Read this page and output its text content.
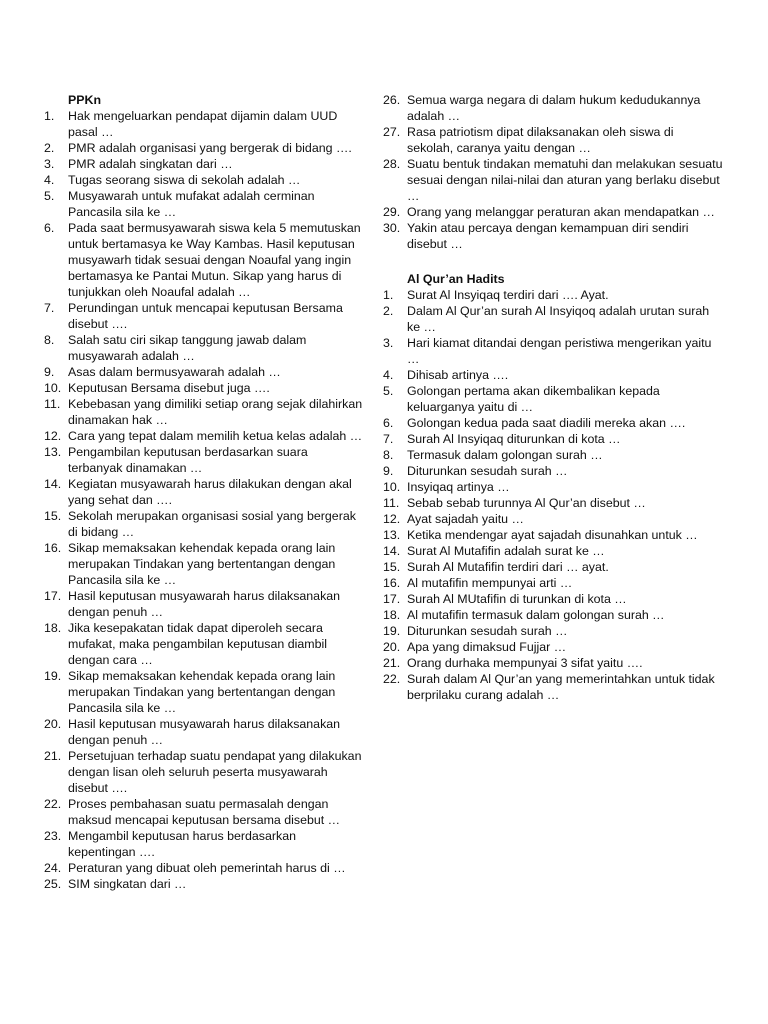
PPKn
1. Hak mengeluarkan pendapat dijamin dalam UUD pasal …
2. PMR adalah organisasi yang bergerak di bidang ….
3. PMR adalah singkatan dari …
4. Tugas seorang siswa di sekolah adalah …
5. Musyawarah untuk mufakat adalah cerminan Pancasila sila ke …
6. Pada saat bermusyawarah siswa kela 5 memutuskan untuk bertamasya ke Way Kambas. Hasil keputusan musyawarh tidak sesuai dengan Noaufal yang ingin bertamasya ke Pantai Mutun. Sikap yang harus di tunjukkan oleh Noaufal adalah …
7. Perundingan untuk mencapai keputusan Bersama disebut ….
8. Salah satu ciri sikap tanggung jawab dalam musyawarah adalah …
9. Asas dalam bermusyawarah adalah …
10. Keputusan Bersama disebut juga ….
11. Kebebasan yang dimiliki setiap orang sejak dilahirkan dinamakan hak …
12. Cara yang tepat dalam memilih ketua kelas adalah …
13. Pengambilan keputusan berdasarkan suara terbanyak dinamakan …
14. Kegiatan musyawarah harus dilakukan dengan akal yang sehat dan ….
15. Sekolah merupakan organisasi sosial yang bergerak di bidang …
16. Sikap memaksakan kehendak kepada orang lain merupakan Tindakan yang bertentangan dengan Pancasila sila ke …
17. Hasil keputusan musyawarah harus dilaksanakan dengan penuh …
18. Jika kesepakatan tidak dapat diperoleh secara mufakat, maka pengambilan keputusan diambil dengan cara …
19. Sikap memaksakan kehendak kepada orang lain merupakan Tindakan yang bertentangan dengan Pancasila sila ke …
20. Hasil keputusan musyawarah harus dilaksanakan dengan penuh …
21. Persetujuan terhadap suatu pendapat yang dilakukan dengan lisan oleh seluruh peserta musyawarah disebut ….
22. Proses pembahasan suatu permasalah dengan maksud mencapai keputusan bersama disebut …
23. Mengambil keputusan harus berdasarkan kepentingan ….
24. Peraturan yang dibuat oleh pemerintah harus di …
25. SIM singkatan dari …
26. Semua warga negara di dalam hukum kedudukannya adalah …
27. Rasa patriotism dipat dilaksanakan oleh siswa di sekolah, caranya yaitu dengan …
28. Suatu bentuk tindakan mematuhi dan melakukan sesuatu sesuai dengan nilai-nilai dan aturan yang berlaku disebut …
29. Orang yang melanggar peraturan akan mendapatkan …
30. Yakin atau percaya dengan kemampuan diri sendiri disebut …
Al Qur’an Hadits
1. Surat Al Insyiqaq terdiri dari …. Ayat.
2. Dalam Al Qur’an surah Al Insyiqoq adalah urutan surah ke …
3. Hari kiamat ditandai dengan peristiwa mengerikan yaitu …
4. Dihisab artinya ….
5. Golongan pertama akan dikembalikan kepada keluarganya yaitu di …
6. Golongan kedua pada saat diadili mereka akan ….
7. Surah Al Insyiqaq diturunkan di kota …
8. Termasuk dalam golongan surah …
9. Diturunkan sesudah surah …
10. Insyiqaq artinya …
11. Sebab sebab turunnya Al Qur’an disebut …
12. Ayat sajadah yaitu …
13. Ketika mendengar ayat sajadah disunahkan untuk …
14. Surat Al Mutafifin adalah surat ke …
15. Surah Al Mutafifin terdiri dari … ayat.
16. Al mutafifin mempunyai arti …
17. Surah Al MUtafifin di turunkan di kota …
18. Al mutafifin termasuk dalam golongan surah …
19. Diturunkan sesudah surah …
20. Apa yang dimaksud Fujjar …
21. Orang durhaka mempunyai 3 sifat yaitu ….
22. Surah dalam Al Qur’an yang memerintahkan untuk tidak berprilaku curang adalah …
